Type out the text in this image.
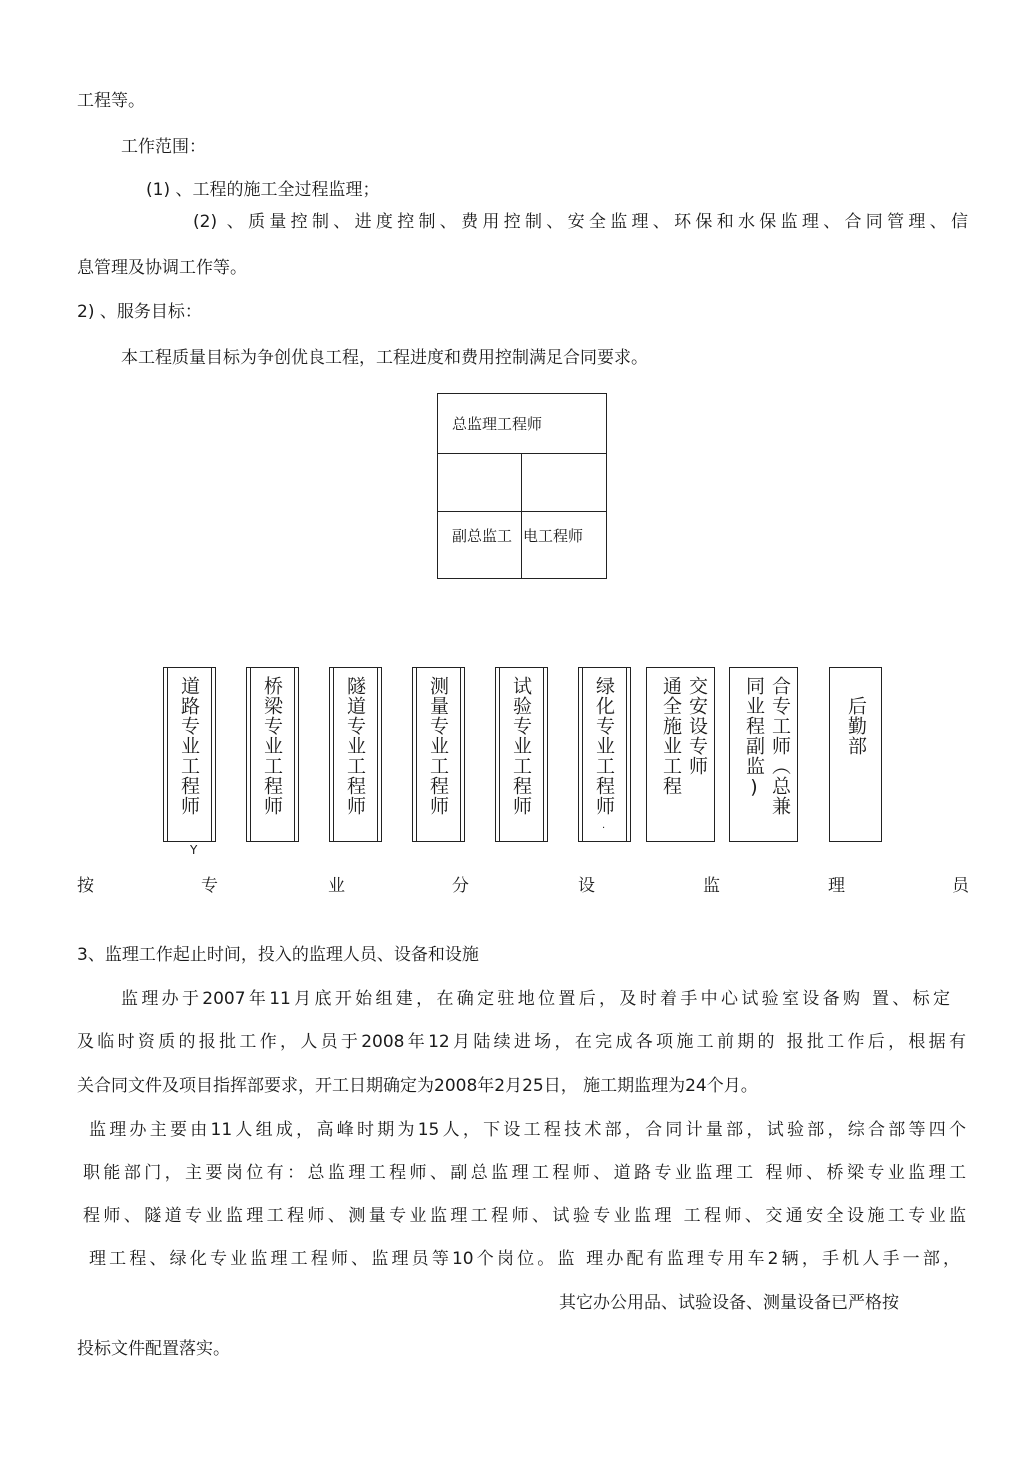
工程等。
工作范围：
(1) 、工程的施工全过程监理；
(2) 、质量控制、进度控制、费用控制、安全监理、环保和水保监理、合同管理、信
息管理及协调工作等。
2) 、服务目标：
本工程质量目标为争创优良工程，工程进度和费用控制满足合同要求。
总监理工程师
副总监工 电工程师
道路专业工程师	桥梁专业工程师	隧道专业工程师	测量专业工程师	试验专业工程师	绿化专业工程师	交安设专师
通全施业工程	合专工师（总兼
同业程副监)	后勤部
Y
·
按	专	业	分	设	监	理	员
3、监理工作起止时间，投入的监理人员、设备和设施
监理办于2007年11月底开始组建，在确定驻地位置后，及时着手中心试验室设备购 置、标定
及临时资质的报批工作，人员于2008年12月陆续进场，在完成各项施工前期的 报批工作后，根据有
关合同文件及项目指挥部要求，开工日期确定为2008年2月25日， 施工期监理为24个月。
监理办主要由11人组成，高峰时期为15人，下设工程技术部，合同计量部，试验部，综合部等四个
职能部门，主要岗位有：总监理工程师、副总监理工程师、道路专业监理工 程师、桥梁专业监理工
程师、隧道专业监理工程师、测量专业监理工程师、试验专业监理 工程师、交通安全设施工专业监
理工程、绿化专业监理工程师、监理员等10个岗位。监 理办配有监理专用车2辆，手机人手一部，
其它办公用品、试验设备、测量设备已严格按
投标文件配置落实。
